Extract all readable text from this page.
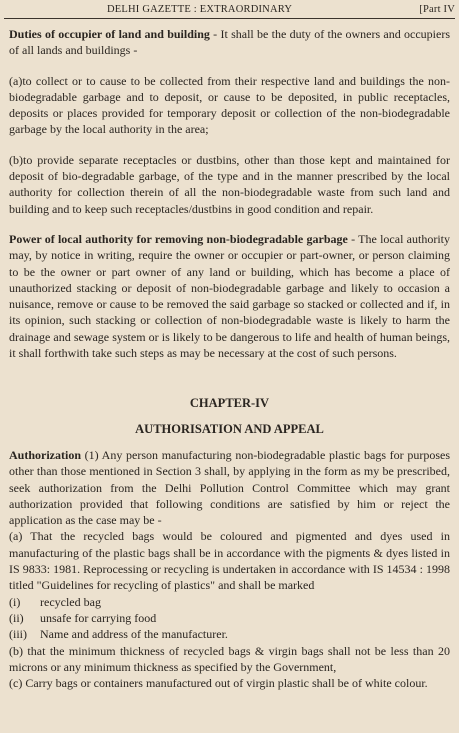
DELHI GAZETTE : EXTRAORDINARY	[Part IV

Duties of occupier of land and building - It shall be the duty of the owners and occupiers of all lands and buildings -

(a)to collect or to cause to be collected from their respective land and buildings the non-biodegradable garbage and to deposit, or cause to be deposited, in public receptacles, deposits or places provided for temporary deposit or collection of the non-biodegradable garbage by the local authority in the area;

(b)to provide separate receptacles or dustbins, other than those kept and maintained for deposit of bio-degradable garbage, of the type and in the manner prescribed by the local authority for collection therein of all the non-biodegradable waste from such land and building and to keep such receptacles/dustbins in good condition and repair.

Power of local authority for removing non-biodegradable garbage - The local authority may, by notice in writing, require the owner or occupier or part-owner, or person claiming to be the owner or part owner of any land or building, which has become a place of unauthorized stacking or deposit of non-biodegradable garbage and likely to occasion a nuisance, remove or cause to be removed the said garbage so stacked or collected and if, in its opinion, such stacking or collection of non-biodegradable waste is likely to harm the drainage and sewage system or is likely to be dangerous to life and health of human beings, it shall forthwith take such steps as may be necessary at the cost of such persons.

CHAPTER-IV
AUTHORISATION AND APPEAL

Authorization (1) Any person manufacturing non-biodegradable plastic bags for purposes other than those mentioned in Section 3 shall, by applying in the form as my be prescribed, seek authorization from the Delhi Pollution Control Committee which may grant authorization provided that following conditions are satisfied by him or reject the application as the case may be -

(a) That the recycled bags would be coloured and pigmented and dyes used in manufacturing of the plastic bags shall be in accordance with the pigments & dyes listed in IS 9833: 1981. Reprocessing or recycling is undertaken in accordance with IS 14534 : 1998 titled "Guidelines for recycling of plastics" and shall be marked

(i)	recycled bag
(ii)	unsafe for carrying food
(iii)	Name and address of the manufacturer.

(b) that the minimum thickness of recycled bags & virgin bags shall not be less than 20 microns or any minimum thickness as specified by the Government,

(c) Carry bags or containers manufactured out of virgin plastic shall be of white colour.
